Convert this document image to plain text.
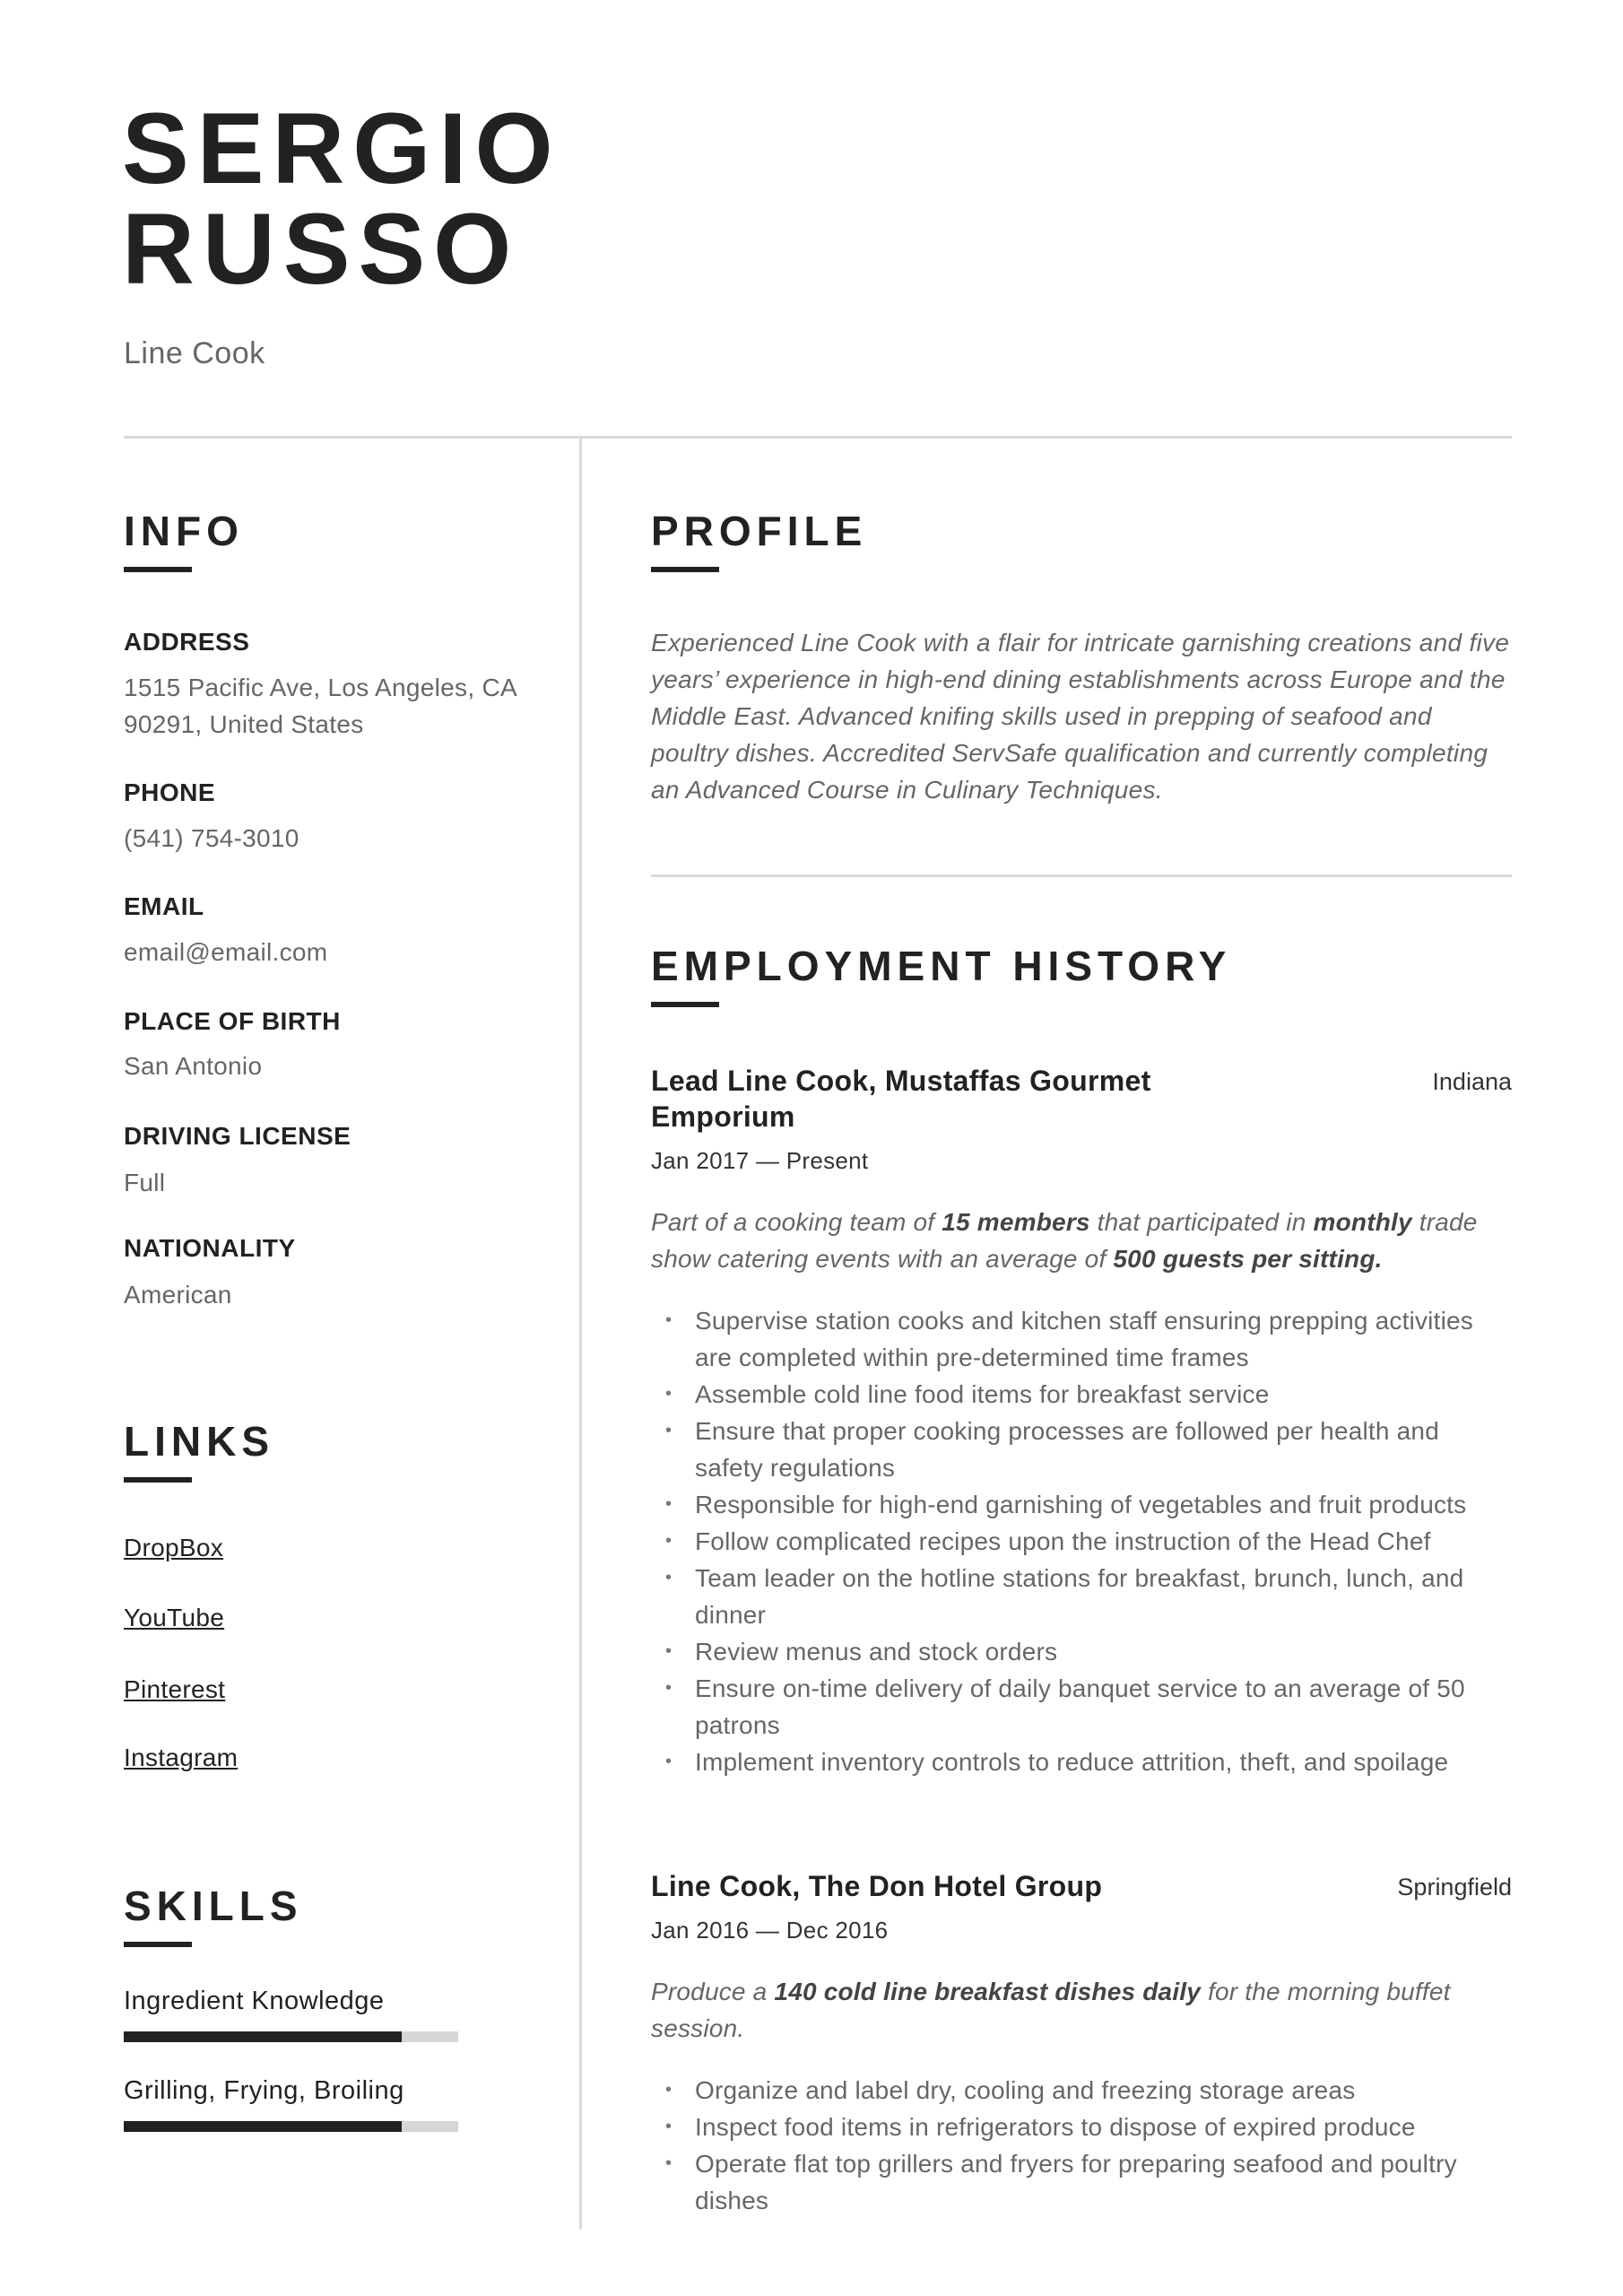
SERGIO
RUSSO
Line Cook
INFO
ADDRESS
1515 Pacific Ave, Los Angeles, CA
90291, United States
PHONE
(541) 754-3010
EMAIL
email@email.com
PLACE OF BIRTH
San Antonio
DRIVING LICENSE
Full
NATIONALITY
American
LINKS
DropBox
YouTube
Pinterest
Instagram
SKILLS
Ingredient Knowledge
Grilling, Frying, Broiling
PROFILE
Experienced Line Cook with a flair for intricate garnishing creations and five years’ experience in high-end dining establishments across Europe and the Middle East. Advanced knifing skills used in prepping of seafood and poultry dishes. Accredited ServSafe qualification and currently completing an Advanced Course in Culinary Techniques.
EMPLOYMENT HISTORY
Lead Line Cook, Mustaffas Gourmet Emporium
Indiana
Jan 2017 — Present
Part of a cooking team of 15 members that participated in monthly trade show catering events with an average of 500 guests per sitting.
• Supervise station cooks and kitchen staff ensuring prepping activities are completed within pre-determined time frames
• Assemble cold line food items for breakfast service
• Ensure that proper cooking processes are followed per health and safety regulations
• Responsible for high-end garnishing of vegetables and fruit products
• Follow complicated recipes upon the instruction of the Head Chef
• Team leader on the hotline stations for breakfast, brunch, lunch, and dinner
• Review menus and stock orders
• Ensure on-time delivery of daily banquet service to an average of 50 patrons
• Implement inventory controls to reduce attrition, theft, and spoilage
Line Cook, The Don Hotel Group	Springfield
Jan 2016 — Dec 2016
Produce a 140 cold line breakfast dishes daily for the morning buffet session.
• Organize and label dry, cooling and freezing storage areas
• Inspect food items in refrigerators to dispose of expired produce
• Operate flat top grillers and fryers for preparing seafood and poultry dishes
